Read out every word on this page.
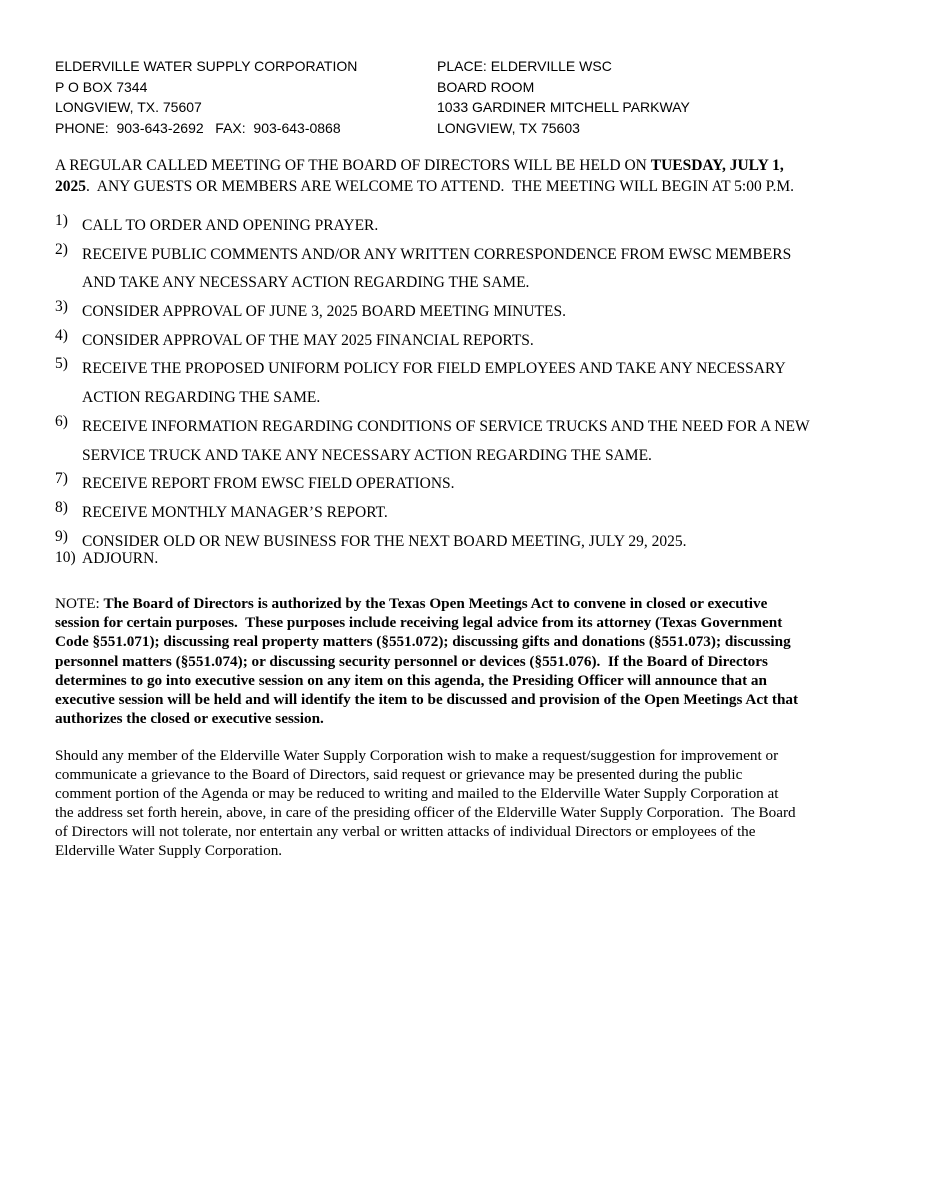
ELDERVILLE WATER SUPPLY CORPORATION
P O BOX 7344
LONGVIEW, TX. 75607
PHONE:  903-643-2692   FAX:  903-643-0868
PLACE: ELDERVILLE WSC
BOARD ROOM
1033 GARDINER MITCHELL PARKWAY
LONGVIEW, TX 75603
A REGULAR CALLED MEETING OF THE BOARD OF DIRECTORS WILL BE HELD ON TUESDAY, JULY 1,
2025.  ANY GUESTS OR MEMBERS ARE WELCOME TO ATTEND.  THE MEETING WILL BEGIN AT 5:00 P.M.
1) CALL TO ORDER AND OPENING PRAYER.
2) RECEIVE PUBLIC COMMENTS AND/OR ANY WRITTEN CORRESPONDENCE FROM EWSC MEMBERS
AND TAKE ANY NECESSARY ACTION REGARDING THE SAME.
3) CONSIDER APPROVAL OF JUNE 3, 2025 BOARD MEETING MINUTES.
4) CONSIDER APPROVAL OF THE MAY 2025 FINANCIAL REPORTS.
5) RECEIVE THE PROPOSED UNIFORM POLICY FOR FIELD EMPLOYEES AND TAKE ANY NECESSARY
ACTION REGARDING THE SAME.
6) RECEIVE INFORMATION REGARDING CONDITIONS OF SERVICE TRUCKS AND THE NEED FOR A NEW
SERVICE TRUCK AND TAKE ANY NECESSARY ACTION REGARDING THE SAME.
7) RECEIVE REPORT FROM EWSC FIELD OPERATIONS.
8) RECEIVE MONTHLY MANAGER’S REPORT.
9) CONSIDER OLD OR NEW BUSINESS FOR THE NEXT BOARD MEETING, JULY 29, 2025.
10) ADJOURN.
NOTE: The Board of Directors is authorized by the Texas Open Meetings Act to convene in closed or executive
session for certain purposes.  These purposes include receiving legal advice from its attorney (Texas Government
Code §551.071); discussing real property matters (§551.072); discussing gifts and donations (§551.073); discussing
personnel matters (§551.074); or discussing security personnel or devices (§551.076).  If the Board of Directors
determines to go into executive session on any item on this agenda, the Presiding Officer will announce that an
executive session will be held and will identify the item to be discussed and provision of the Open Meetings Act that
authorizes the closed or executive session.
Should any member of the Elderville Water Supply Corporation wish to make a request/suggestion for improvement or
communicate a grievance to the Board of Directors, said request or grievance may be presented during the public
comment portion of the Agenda or may be reduced to writing and mailed to the Elderville Water Supply Corporation at
the address set forth herein, above, in care of the presiding officer of the Elderville Water Supply Corporation.  The Board
of Directors will not tolerate, nor entertain any verbal or written attacks of individual Directors or employees of the
Elderville Water Supply Corporation.
